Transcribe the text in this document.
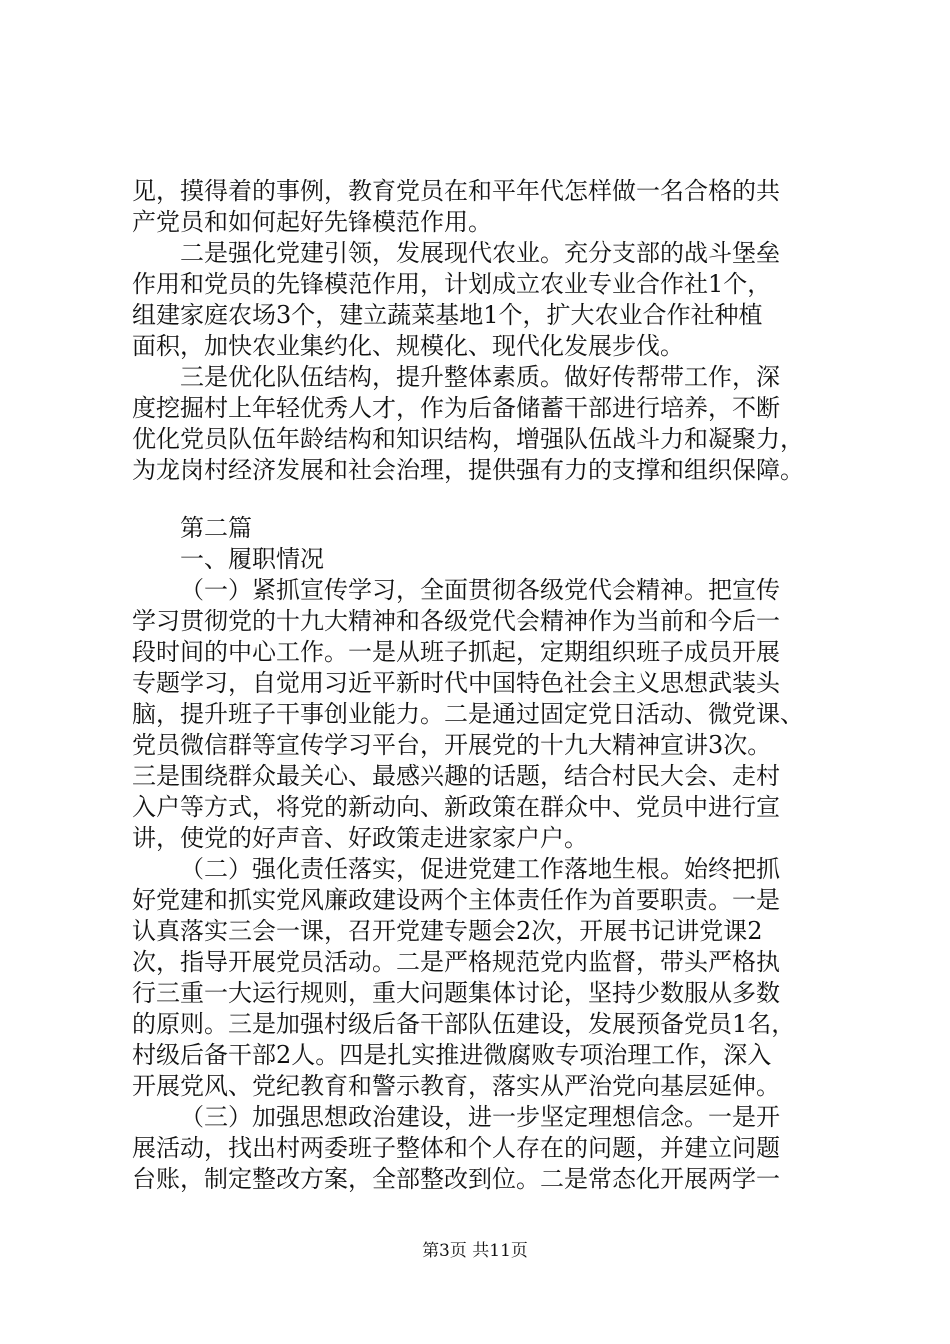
见，摸得着的事例，教育党员在和平年代怎样做一名合格的共
产党员和如何起好先锋模范作用。
二是强化党建引领，发展现代农业。充分支部的战斗堡垒
作用和党员的先锋模范作用，计划成立农业专业合作社1个，
组建家庭农场3个，建立蔬菜基地1个，扩大农业合作社种植
面积，加快农业集约化、规模化、现代化发展步伐。
三是优化队伍结构，提升整体素质。做好传帮带工作，深
度挖掘村上年轻优秀人才，作为后备储蓄干部进行培养，不断
优化党员队伍年龄结构和知识结构，增强队伍战斗力和凝聚力，
为龙岗村经济发展和社会治理，提供强有力的支撑和组织保障。
第二篇
一、履职情况
（一）紧抓宣传学习，全面贯彻各级党代会精神。把宣传
学习贯彻党的十九大精神和各级党代会精神作为当前和今后一
段时间的中心工作。一是从班子抓起，定期组织班子成员开展
专题学习，自觉用习近平新时代中国特色社会主义思想武装头
脑，提升班子干事创业能力。二是通过固定党日活动、微党课、
党员微信群等宣传学习平台，开展党的十九大精神宣讲3次。
三是围绕群众最关心、最感兴趣的话题，结合村民大会、走村
入户等方式，将党的新动向、新政策在群众中、党员中进行宣
讲，使党的好声音、好政策走进家家户户。
（二）强化责任落实，促进党建工作落地生根。始终把抓
好党建和抓实党风廉政建设两个主体责任作为首要职责。一是
认真落实三会一课，召开党建专题会2次，开展书记讲党课2
次，指导开展党员活动。二是严格规范党内监督，带头严格执
行三重一大运行规则，重大问题集体讨论，坚持少数服从多数
的原则。三是加强村级后备干部队伍建设，发展预备党员1名，
村级后备干部2人。四是扎实推进微腐败专项治理工作，深入
开展党风、党纪教育和警示教育，落实从严治党向基层延伸。
（三）加强思想政治建设，进一步坚定理想信念。一是开
展活动，找出村两委班子整体和个人存在的问题，并建立问题
台账，制定整改方案，全部整改到位。二是常态化开展两学一
第3页 共11页
